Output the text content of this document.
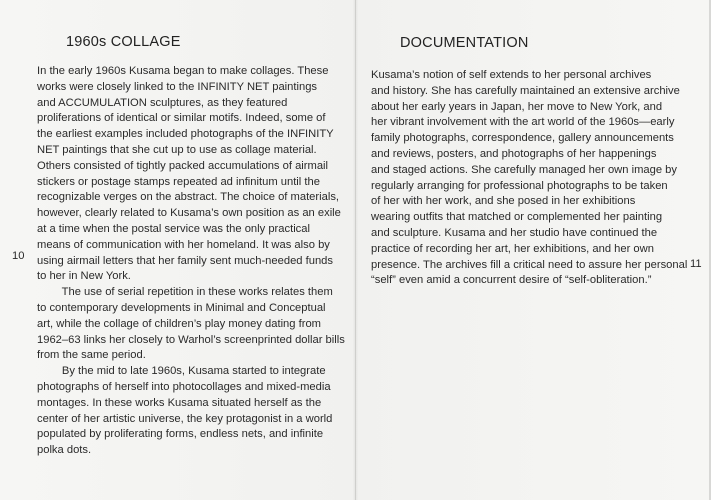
1960s COLLAGE
In the early 1960s Kusama began to make collages. These
works were closely linked to the INFINITY NET paintings
and ACCUMULATION sculptures, as they featured
proliferations of identical or similar motifs. Indeed, some of
the earliest examples included photographs of the INFINITY
NET paintings that she cut up to use as collage material.
Others consisted of tightly packed accumulations of airmail
stickers or postage stamps repeated ad infinitum until the
recognizable verges on the abstract. The choice of materials,
however, clearly related to Kusama’s own position as an exile
at a time when the postal service was the only practical
means of communication with her homeland. It was also by
using airmail letters that her family sent much-needed funds
to her in New York.
The use of serial repetition in these works relates them
to contemporary developments in Minimal and Conceptual
art, while the collage of children’s play money dating from
1962–63 links her closely to Warhol’s screenprinted dollar bills
from the same period.
By the mid to late 1960s, Kusama started to integrate
photographs of herself into photocollages and mixed-media
montages. In these works Kusama situated herself as the
center of her artistic universe, the key protagonist in a world
populated by proliferating forms, endless nets, and infinite
polka dots.
10
DOCUMENTATION
Kusama’s notion of self extends to her personal archives
and history. She has carefully maintained an extensive archive
about her early years in Japan, her move to New York, and
her vibrant involvement with the art world of the 1960s—early
family photographs, correspondence, gallery announcements
and reviews, posters, and photographs of her happenings
and staged actions. She carefully managed her own image by
regularly arranging for professional photographs to be taken
of her with her work, and she posed in her exhibitions
wearing outfits that matched or complemented her painting
and sculpture. Kusama and her studio have continued the
practice of recording her art, her exhibitions, and her own
presence. The archives fill a critical need to assure her personal
“self” even amid a concurrent desire of “self-obliteration.”
11
